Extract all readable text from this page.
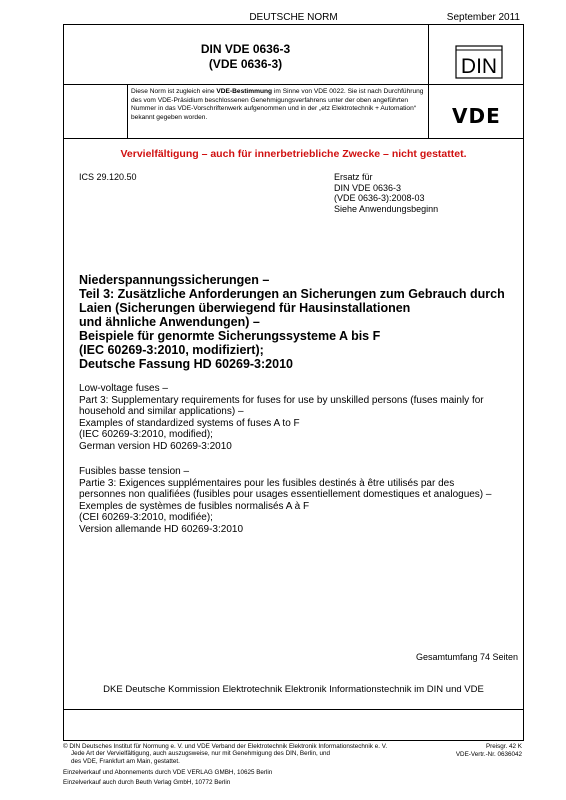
DEUTSCHE NORM	September 2011
DIN VDE 0636-3
(VDE 0636-3)	DIN
VDE
Diese Norm ist zugleich eine VDE-Bestimmung im Sinne von VDE 0022. Sie ist nach Durchführung des vom VDE-Präsidium beschlossenen Genehmigungsverfahrens unter der oben angeführten Nummer in das VDE-Vorschriftenwerk aufgenommen und in der „etz Elektrotechnik + Automation“ bekannt gegeben worden.
Vervielfältigung – auch für innerbetriebliche Zwecke – nicht gestattet.
ICS 29.120.50	Ersatz für
DIN VDE 0636-3
(VDE 0636-3):2008-03
Siehe Anwendungsbeginn
Niederspannungssicherungen –
Teil 3: Zusätzliche Anforderungen an Sicherungen zum Gebrauch durch
Laien (Sicherungen überwiegend für Hausinstallationen
und ähnliche Anwendungen) –
Beispiele für genormte Sicherungssysteme A bis F
(IEC 60269-3:2010, modifiziert);
Deutsche Fassung HD 60269-3:2010
Low-voltage fuses –
Part 3: Supplementary requirements for fuses for use by unskilled persons (fuses mainly for
household and similar applications) –
Examples of standardized systems of fuses A to F
(IEC 60269-3:2010, modified);
German version HD 60269-3:2010
Fusibles basse tension –
Partie 3: Exigences supplémentaires pour les fusibles destinés à être utilisés par des
personnes non qualifiées (fusibles pour usages essentiellement domestiques et analogues) –
Exemples de systèmes de fusibles normalisés A à F
(CEI 60269-3:2010, modifiée);
Version allemande HD 60269-3:2010
Gesamtumfang 74 Seiten
DKE Deutsche Kommission Elektrotechnik Elektronik Informationstechnik im DIN und VDE
© DIN Deutsches Institut für Normung e. V. und VDE Verband der Elektrotechnik Elektronik Informationstechnik e. V.
Jede Art der Vervielfältigung, auch auszugsweise, nur mit Genehmigung des DIN, Berlin, und
des VDE, Frankfurt am Main, gestattet.
Preisgr. 42 K
VDE-Vertr.-Nr. 0636042
Einzelverkauf und Abonnements durch VDE VERLAG GMBH, 10625 Berlin
Einzelverkauf auch durch Beuth Verlag GmbH, 10772 Berlin
